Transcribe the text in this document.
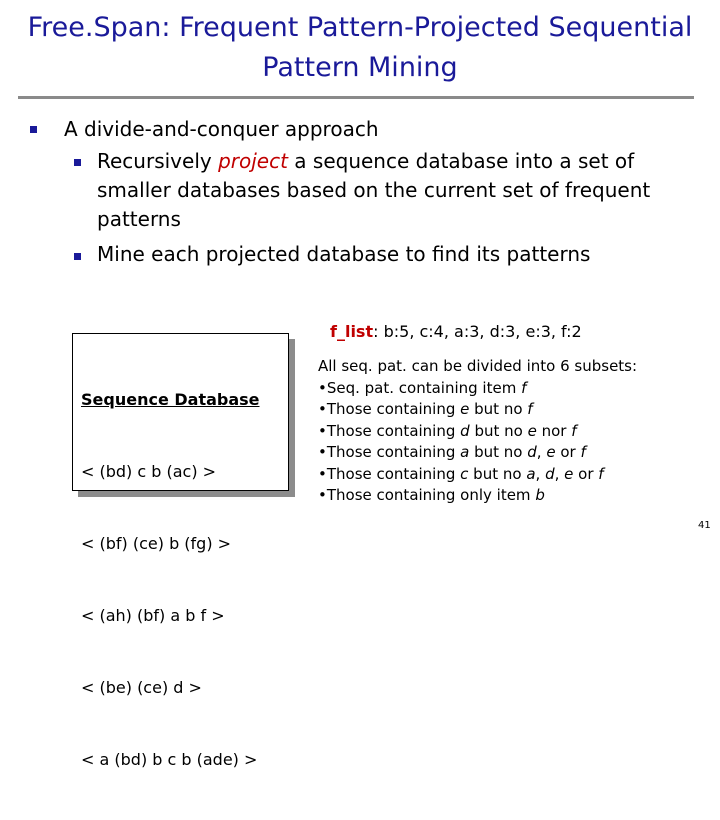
Free.Span: Frequent Pattern-Projected Sequential
Pattern Mining
A divide-and-conquer approach
Recursively project a sequence database into a set of
smaller databases based on the current set of frequent
patterns
Mine each projected database to find its patterns

Sequence Database

< (bd) c b (ac) >

< (bf) (ce) b (fg) >

< (ah) (bf) a b f >

< (be) (ce) d >

< a (bd) b c b (ade) >

f_list: b:5, c:4, a:3, d:3, e:3, f:2
All seq. pat. can be divided into 6 subsets:
•Seq. pat. containing item f
•Those containing e but no f
•Those containing d but no e nor f
•Those containing a but no d, e or f
•Those containing c but no a, d, e or f
•Those containing only item b
41
